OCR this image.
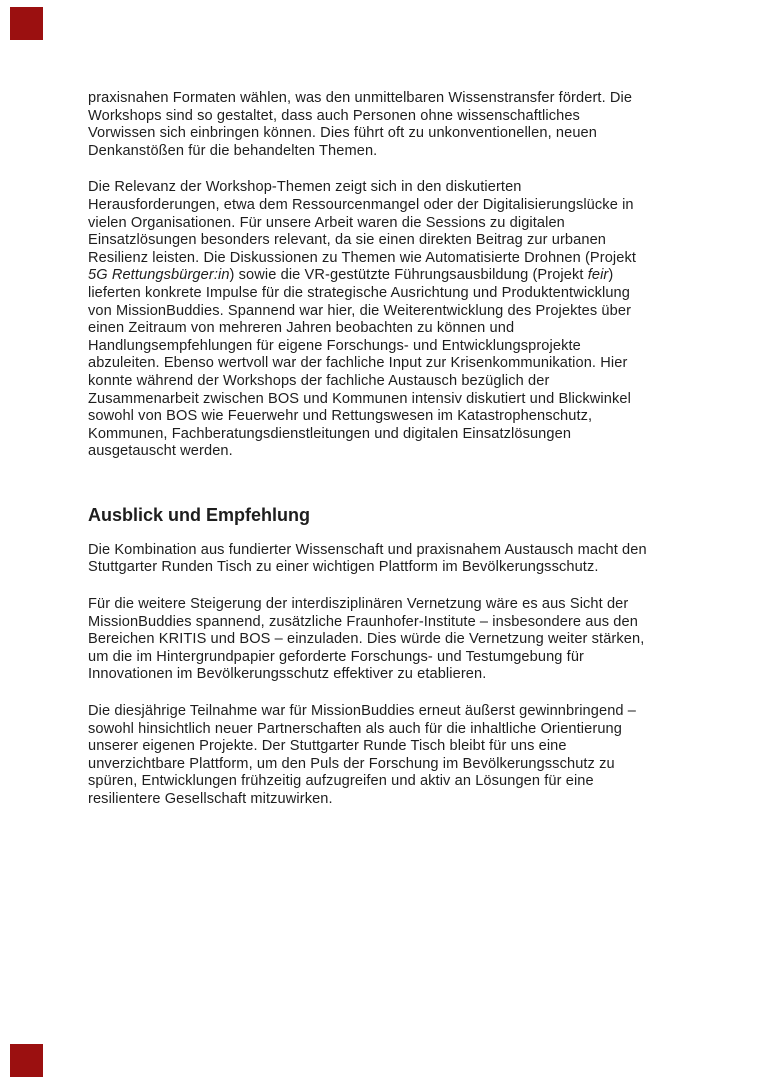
praxisnahen Formaten wählen, was den unmittelbaren Wissenstransfer fördert. Die
Workshops sind so gestaltet, dass auch Personen ohne wissenschaftliches
Vorwissen sich einbringen können. Dies führt oft zu unkonventionellen, neuen
Denkanstößen für die behandelten Themen.
Die Relevanz der Workshop-Themen zeigt sich in den diskutierten
Herausforderungen, etwa dem Ressourcenmangel oder der Digitalisierungslücke in
vielen Organisationen. Für unsere Arbeit waren die Sessions zu digitalen
Einsatzlösungen besonders relevant, da sie einen direkten Beitrag zur urbanen
Resilienz leisten. Die Diskussionen zu Themen wie Automatisierte Drohnen (Projekt
5G Rettungsbürger:in) sowie die VR-gestützte Führungsausbildung (Projekt feir)
lieferten konkrete Impulse für die strategische Ausrichtung und Produktentwicklung
von MissionBuddies. Spannend war hier, die Weiterentwicklung des Projektes über
einen Zeitraum von mehreren Jahren beobachten zu können und
Handlungsempfehlungen für eigene Forschungs- und Entwicklungsprojekte
abzuleiten. Ebenso wertvoll war der fachliche Input zur Krisenkommunikation. Hier
konnte während der Workshops der fachliche Austausch bezüglich der
Zusammenarbeit zwischen BOS und Kommunen intensiv diskutiert und Blickwinkel
sowohl von BOS wie Feuerwehr und Rettungswesen im Katastrophenschutz,
Kommunen, Fachberatungsdienstleitungen und digitalen Einsatzlösungen
ausgetauscht werden.
Ausblick und Empfehlung
Die Kombination aus fundierter Wissenschaft und praxisnahem Austausch macht den
Stuttgarter Runden Tisch zu einer wichtigen Plattform im Bevölkerungsschutz.
Für die weitere Steigerung der interdisziplinären Vernetzung wäre es aus Sicht der
MissionBuddies spannend, zusätzliche Fraunhofer-Institute – insbesondere aus den
Bereichen KRITIS und BOS – einzuladen. Dies würde die Vernetzung weiter stärken,
um die im Hintergrundpapier geforderte Forschungs- und Testumgebung für
Innovationen im Bevölkerungsschutz effektiver zu etablieren.
Die diesjährige Teilnahme war für MissionBuddies erneut äußerst gewinnbringend –
sowohl hinsichtlich neuer Partnerschaften als auch für die inhaltliche Orientierung
unserer eigenen Projekte. Der Stuttgarter Runde Tisch bleibt für uns eine
unverzichtbare Plattform, um den Puls der Forschung im Bevölkerungsschutz zu
spüren, Entwicklungen frühzeitig aufzugreifen und aktiv an Lösungen für eine
resilientere Gesellschaft mitzuwirken.
